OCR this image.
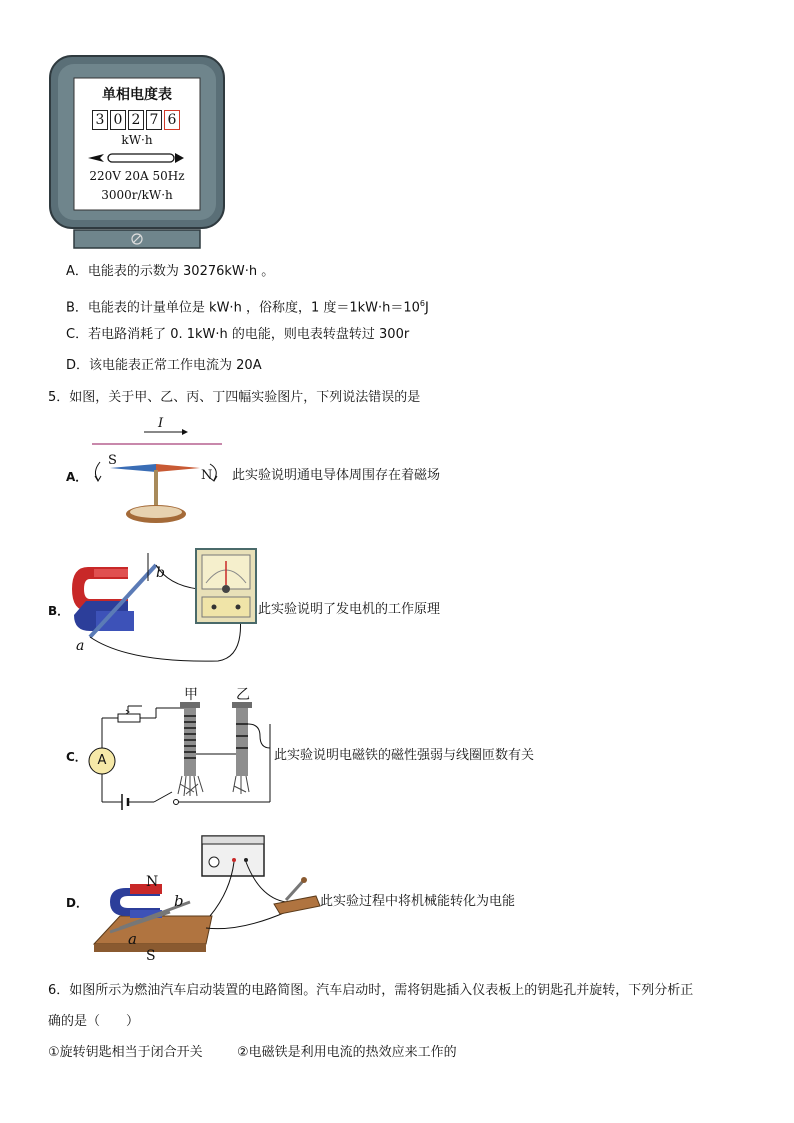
单相电度表
3 0 2 7 6
kW·h
220V 20A 50Hz
3000r/kW·h
A．电能表的示数为 30276kW·h 。
B．电能表的计量单位是 kW·h ，俗称度，1 度$=1kW\cdot h=10^6J$
C．若电路消耗了 0. 1kW·h 的电能，则电表转盘转过 300r
D．该电能表正常工作电流为 20A
5．如图，关于甲、乙、丙、丁四幅实验图片，下列说法错误的是
A．
I
S
N 此实验说明通电导体周围存在着磁场
B．
b
a
此实验说明了发电机的工作原理
C． A
甲	乙
此实验说明电磁铁的磁性强弱与线圈匝数有关
D．
N
b
a
S
此实验过程中将机械能转化为电能
6．如图所示为燃油汽车启动装置的电路简图。汽车启动时，需将钥匙插入仪表板上的钥匙孔并旋转，下列分析正
确的是（　　）
①旋转钥匙相当于闭合开关	②电磁铁是利用电流的热效应来工作的
